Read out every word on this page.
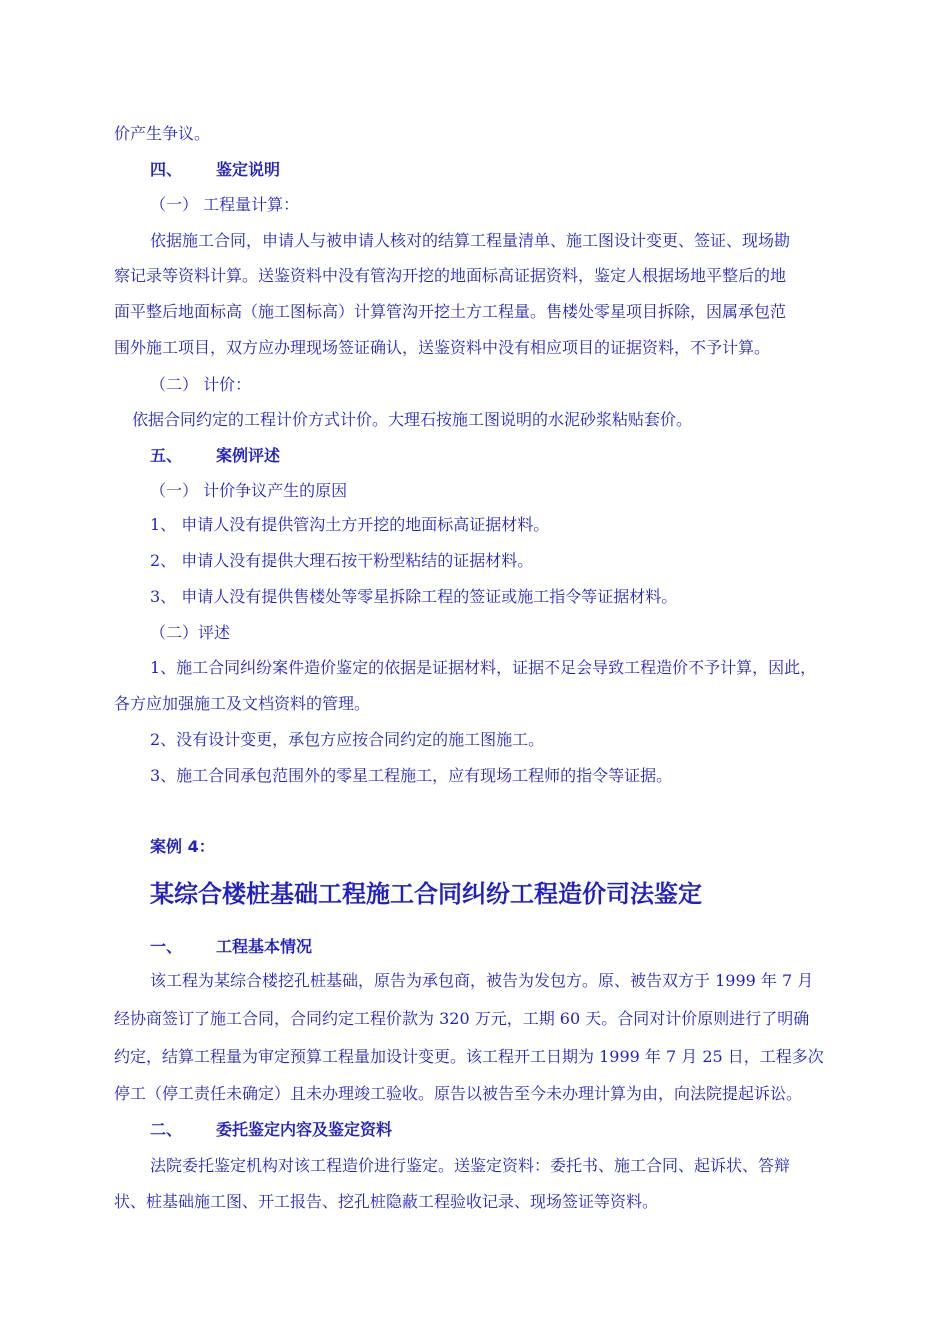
价产生争议。
四、 鉴定说明
（一） 工程量计算：
依据施工合同，申请人与被申请人核对的结算工程量清单、施工图设计变更、签证、现场勘
察记录等资料计算。送鉴资料中没有管沟开挖的地面标高证据资料，鉴定人根据场地平整后的地
面平整后地面标高（施工图标高）计算管沟开挖土方工程量。售楼处零星项目拆除，因属承包范
围外施工项目，双方应办理现场签证确认，送鉴资料中没有相应项目的证据资料，不予计算。
（二） 计价：
依据合同约定的工程计价方式计价。大理石按施工图说明的水泥砂浆粘贴套价。
五、 案例评述
（一） 计价争议产生的原因
1、 申请人没有提供管沟土方开挖的地面标高证据材料。
2、 申请人没有提供大理石按干粉型粘结的证据材料。
3、 申请人没有提供售楼处等零星拆除工程的签证或施工指令等证据材料。
（二）评述
1、施工合同纠纷案件造价鉴定的依据是证据材料，证据不足会导致工程造价不予计算，因此，
各方应加强施工及文档资料的管理。
2、没有设计变更，承包方应按合同约定的施工图施工。
3、施工合同承包范围外的零星工程施工，应有现场工程师的指令等证据。
案例 4：
某综合楼桩基础工程施工合同纠纷工程造价司法鉴定
一、 工程基本情况
该工程为某综合楼挖孔桩基础，原告为承包商，被告为发包方。原、被告双方于 1999 年 7 月
经协商签订了施工合同，合同约定工程价款为 320 万元，工期 60 天。合同对计价原则进行了明确
约定，结算工程量为审定预算工程量加设计变更。该工程开工日期为 1999 年 7 月 25 日，工程多次
停工（停工责任未确定）且未办理竣工验收。原告以被告至今未办理计算为由，向法院提起诉讼。
二、 委托鉴定内容及鉴定资料
法院委托鉴定机构对该工程造价进行鉴定。送鉴定资料：委托书、施工合同、起诉状、答辩
状、桩基础施工图、开工报告、挖孔桩隐蔽工程验收记录、现场签证等资料。
